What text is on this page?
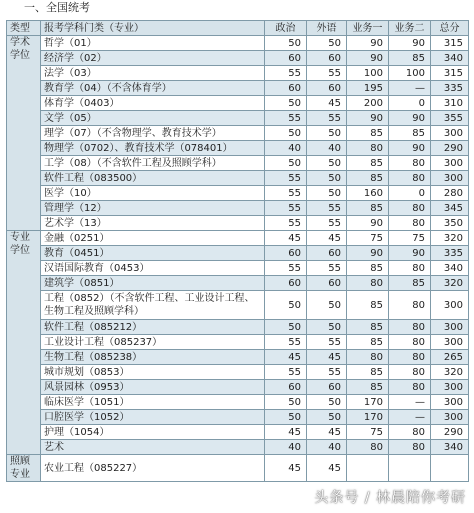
一、全国统考
类型	报考学科门类（专业）	政治	外语	业务一	业务二	总分
学术学位	哲学（01）	50	50	90	90	315
	经济学（02）	60	60	90	85	340
	法学（03）	55	55	100	100	315
	教育学（04）（不含体育学）	60	60	195	—	335
	体育学（0403）	50	45	200	0	310
	文学（05）	55	55	90	90	355
	理学（07）（不含物理学、教育技术学）	50	50	85	85	300
	物理学（0702）、教育技术学（078401）	40	40	80	90	290
	工学（08）（不含软件工程及照顾学科）	50	50	85	80	300
	软件工程（083500）	55	50	85	80	300
	医学（10）	55	50	160	0	280
	管理学（12）	55	55	85	80	345
	艺术学（13）	55	55	90	80	350
专业学位	金融（0251）	45	45	75	75	320
	教育（0451）	60	60	90	90	335
	汉语国际教育（0453）	55	55	85	80	340
	建筑学（0851）	60	60	80	85	320
	工程（0852）（不含软件工程、工业设计工程、生物工程及照顾学科）	50	50	85	80	300
	软件工程（085212）	50	50	85	80	300
	工业设计工程（085237）	55	55	85	80	300
	生物工程（085238）	45	45	80	80	265
	城市规划（0853）	55	55	85	80	320
	风景园林（0953）	60	60	85	80	300
	临床医学（1051）	50	50	170	—	300
	口腔医学（1052）	50	50	170	—	300
	护理（1054）	45	45	75	80	290
	艺术	40	40	80	80	340
照顾专业	农业工程（085227）	45	45			
头条号 / 林晨陪你考研
